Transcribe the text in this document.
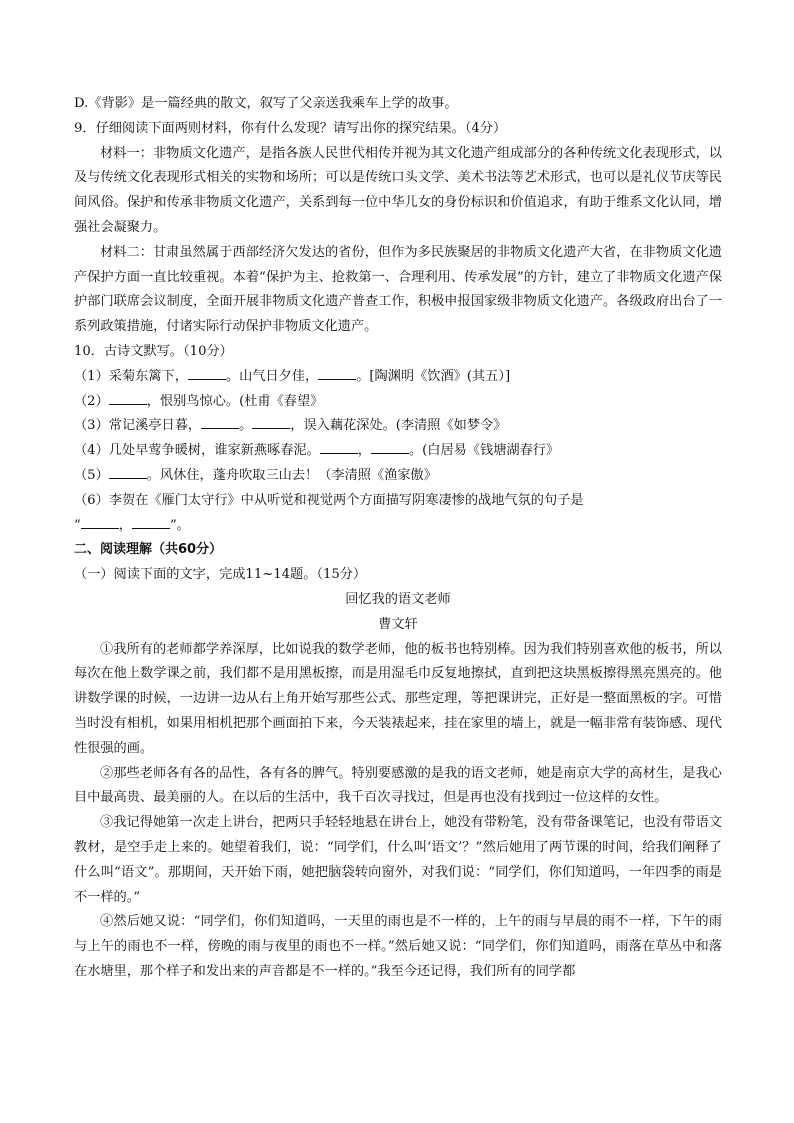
D.《背影》是一篇经典的散文，叙写了父亲送我乘车上学的故事。
9．仔细阅读下面两则材料，你有什么发现？请写出你的探究结果。（4分）

材料一：非物质文化遗产，是指各族人民世代相传并视为其文化遗产组成部分的各种传统文化表现形式，以及与传统文化表现形式相关的实物和场所；可以是传统口头文学、美术书法等艺术形式，也可以是礼仪节庆等民间风俗。保护和传承非物质文化遗产，关系到每一位中华儿女的身份标识和价值追求，有助于维系文化认同，增强社会凝聚力。

材料二：甘肃虽然属于西部经济欠发达的省份，但作为多民族聚居的非物质文化遗产大省，在非物质文化遗产保护方面一直比较重视。本着“保护为主、抢救第一、合理利用、传承发展”的方针，建立了非物质文化遗产保护部门联席会议制度，全面开展非物质文化遗产普查工作，积极申报国家级非物质文化遗产。各级政府出台了一系列政策措施，付诸实际行动保护非物质文化遗产。

10．古诗文默写。（10分）
（1）采菊东篱下，	。山气日夕佳，	。[陶渊明《饮酒》(其五）]
（2）	，恨别鸟惊心。(杜甫《春望》
（3）常记溪亭日暮，	。	，误入藕花深处。(李清照《如梦令》
（4）几处早莺争暖树，谁家新燕啄春泥。	，	。(白居易《钱塘湖春行》
（5）	。风休住，蓬舟吹取三山去！（李清照《渔家傲》
（6）李贺在《雁门太守行》中从听觉和视觉两个方面描写阴寒凄惨的战地气氛的句子是
“	，	”。
二、阅读理解（共60分）
（一）阅读下面的文字，完成11~14题。（15分）
回忆我的语文老师
曹文轩

①我所有的老师都学养深厚，比如说我的数学老师，他的板书也特别棒。因为我们特别喜欢他的板书，所以每次在他上数学课之前，我们都不是用黑板擦，而是用湿毛巾反复地擦拭，直到把这块黑板擦得黑亮黑亮的。他讲数学课的时候，一边讲一边从右上角开始写那些公式、那些定理，等把课讲完，正好是一整面黑板的字。可惜当时没有相机，如果用相机把那个画面拍下来，今天装裱起来，挂在家里的墙上，就是一幅非常有装饰感、现代性很强的画。

②那些老师各有各的品性，各有各的脾气。特别要感激的是我的语文老师，她是南京大学的高材生，是我心目中最高贵、最美丽的人。在以后的生活中，我千百次寻找过，但是再也没有找到过一位这样的女性。

③我记得她第一次走上讲台，把两只手轻轻地悬在讲台上，她没有带粉笔，没有带备课笔记，也没有带语文教材，是空手走上来的。她望着我们，说：“同学们，什么叫‘语文’？”然后她用了两节课的时间，给我们阐释了什么叫“语文”。那期间，天开始下雨，她把脑袋转向窗外，对我们说：“同学们，你们知道吗，一年四季的雨是不一样的。”

④然后她又说：“同学们，你们知道吗，一天里的雨也是不一样的，上午的雨与早晨的雨不一样，下午的雨与上午的雨也不一样，傍晚的雨与夜里的雨也不一样。”然后她又说：“同学们，你们知道吗，雨落在草丛中和落在水塘里，那个样子和发出来的声音都是不一样的。”我至今还记得，我们所有的同学都
